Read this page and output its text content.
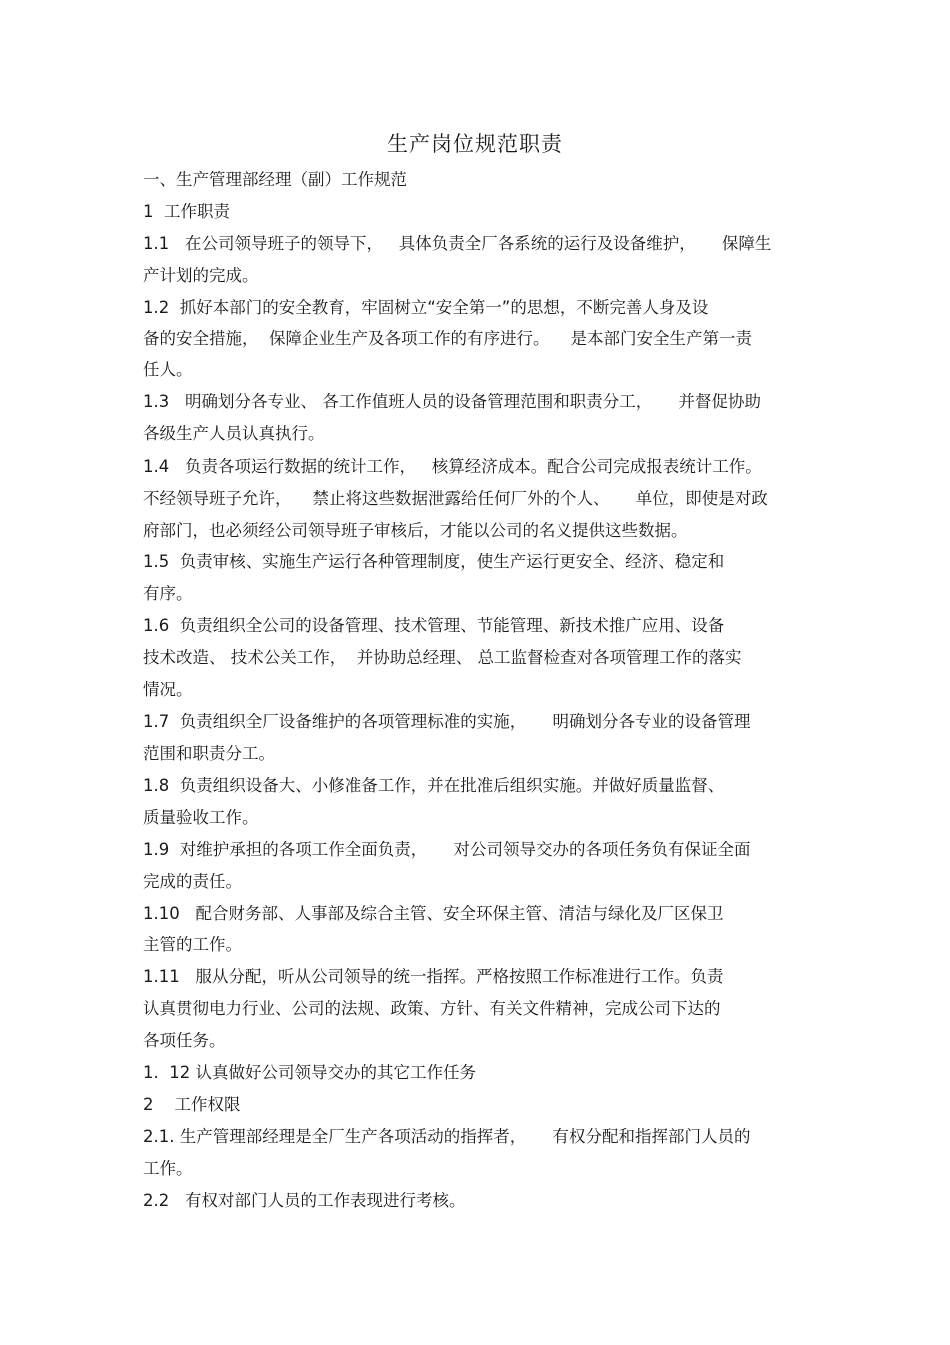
生产岗位规范职责
一、生产管理部经理（副）工作规范
1  工作职责
1.1   在公司领导班子的领导下，   具体负责全厂各系统的运行及设备维护，     保障生
产计划的完成。
1.2  抓好本部门的安全教育，牢固树立“安全第一”的思想，不断完善人身及设
备的安全措施，  保障企业生产及各项工作的有序进行。    是本部门安全生产第一责
任人。
1.3   明确划分各专业、 各工作值班人员的设备管理范围和职责分工，     并督促协助
各级生产人员认真执行。
1.4   负责各项运行数据的统计工作，   核算经济成本。配合公司完成报表统计工作。
不经领导班子允许，    禁止将这些数据泄露给任何厂外的个人、     单位，即使是对政
府部门，也必须经公司领导班子审核后，才能以公司的名义提供这些数据。
1.5  负责审核、实施生产运行各种管理制度，使生产运行更安全、经济、稳定和
有序。
1.6  负责组织全公司的设备管理、技术管理、节能管理、新技术推广应用、设备
技术改造、 技术公关工作，  并协助总经理、 总工监督检查对各项管理工作的落实
情况。
1.7  负责组织全厂设备维护的各项管理标准的实施，     明确划分各专业的设备管理
范围和职责分工。
1.8  负责组织设备大、小修准备工作，并在批准后组织实施。并做好质量监督、
质量验收工作。
1.9  对维护承担的各项工作全面负责，     对公司领导交办的各项任务负有保证全面
完成的责任。
1.10   配合财务部、人事部及综合主管、安全环保主管、清洁与绿化及厂区保卫
主管的工作。
1.11   服从分配，听从公司领导的统一指挥。严格按照工作标准进行工作。负责
认真贯彻电力行业、公司的法规、政策、方针、有关文件精神，完成公司下达的
各项任务。
1.  12 认真做好公司领导交办的其它工作任务
2    工作权限
2.1. 生产管理部经理是全厂生产各项活动的指挥者，     有权分配和指挥部门人员的
工作。
2.2   有权对部门人员的工作表现进行考核。
